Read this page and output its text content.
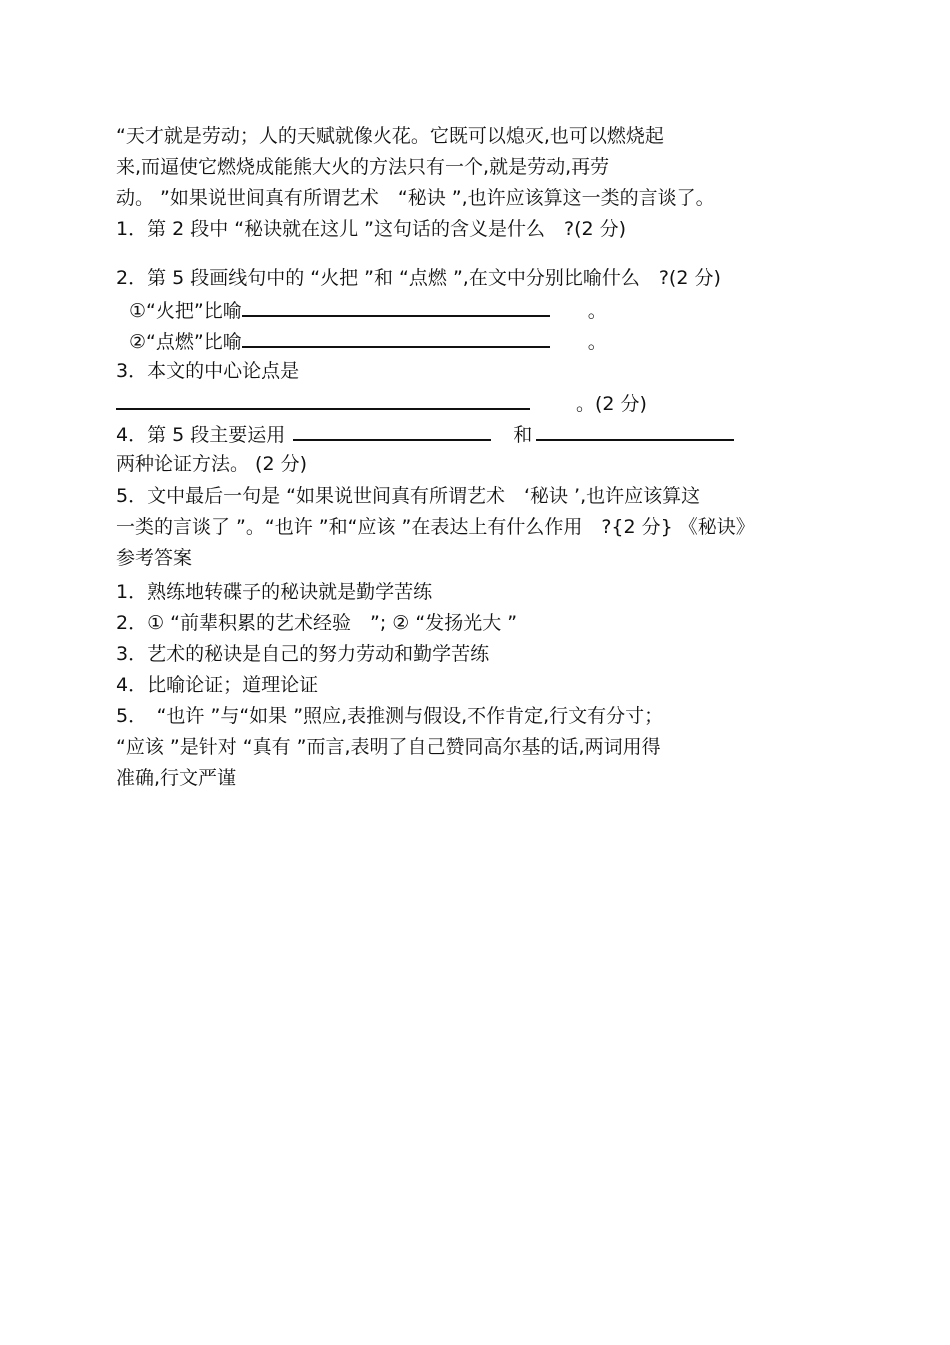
“天才就是劳动；人的天赋就像火花。它既可以熄灭,也可以燃烧起
来,而逼使它燃烧成能熊大火的方法只有一个,就是劳动,再劳
动。 ”如果说世间真有所谓艺术　“秘诀 ”,也许应该算这一类的言谈了。
1．第 2 段中 “秘诀就在这儿 ”这句话的含义是什么　?(2 分)
2．第 5 段画线句中的 “火把 ”和 “点燃 ”,在文中分别比喻什么　?(2 分)
①“火把”比喻	。
②“点燃”比喻	。
3．本文的中心论点是
。(2 分)
4．第 5 段主要运用	和
两种论证方法。 (2 分)
5．文中最后一句是 “如果说世间真有所谓艺术　‘秘诀 ’,也许应该算这
一类的言谈了 ”。“也许 ”和“应该 ”在表达上有什么作用　?{2 分} 《秘诀》
参考答案
1．熟练地转碟子的秘诀就是勤学苦练
2．① “前辈积累的艺术经验　”; ② “发扬光大 ”
3．艺术的秘诀是自己的努力劳动和勤学苦练
4．比喻论证；道理论证
5．　“也许 ”与“如果 ”照应,表推测与假设,不作肯定,行文有分寸；
“应该 ”是针对 “真有 ”而言,表明了自己赞同高尔基的话,两词用得
准确,行文严谨
